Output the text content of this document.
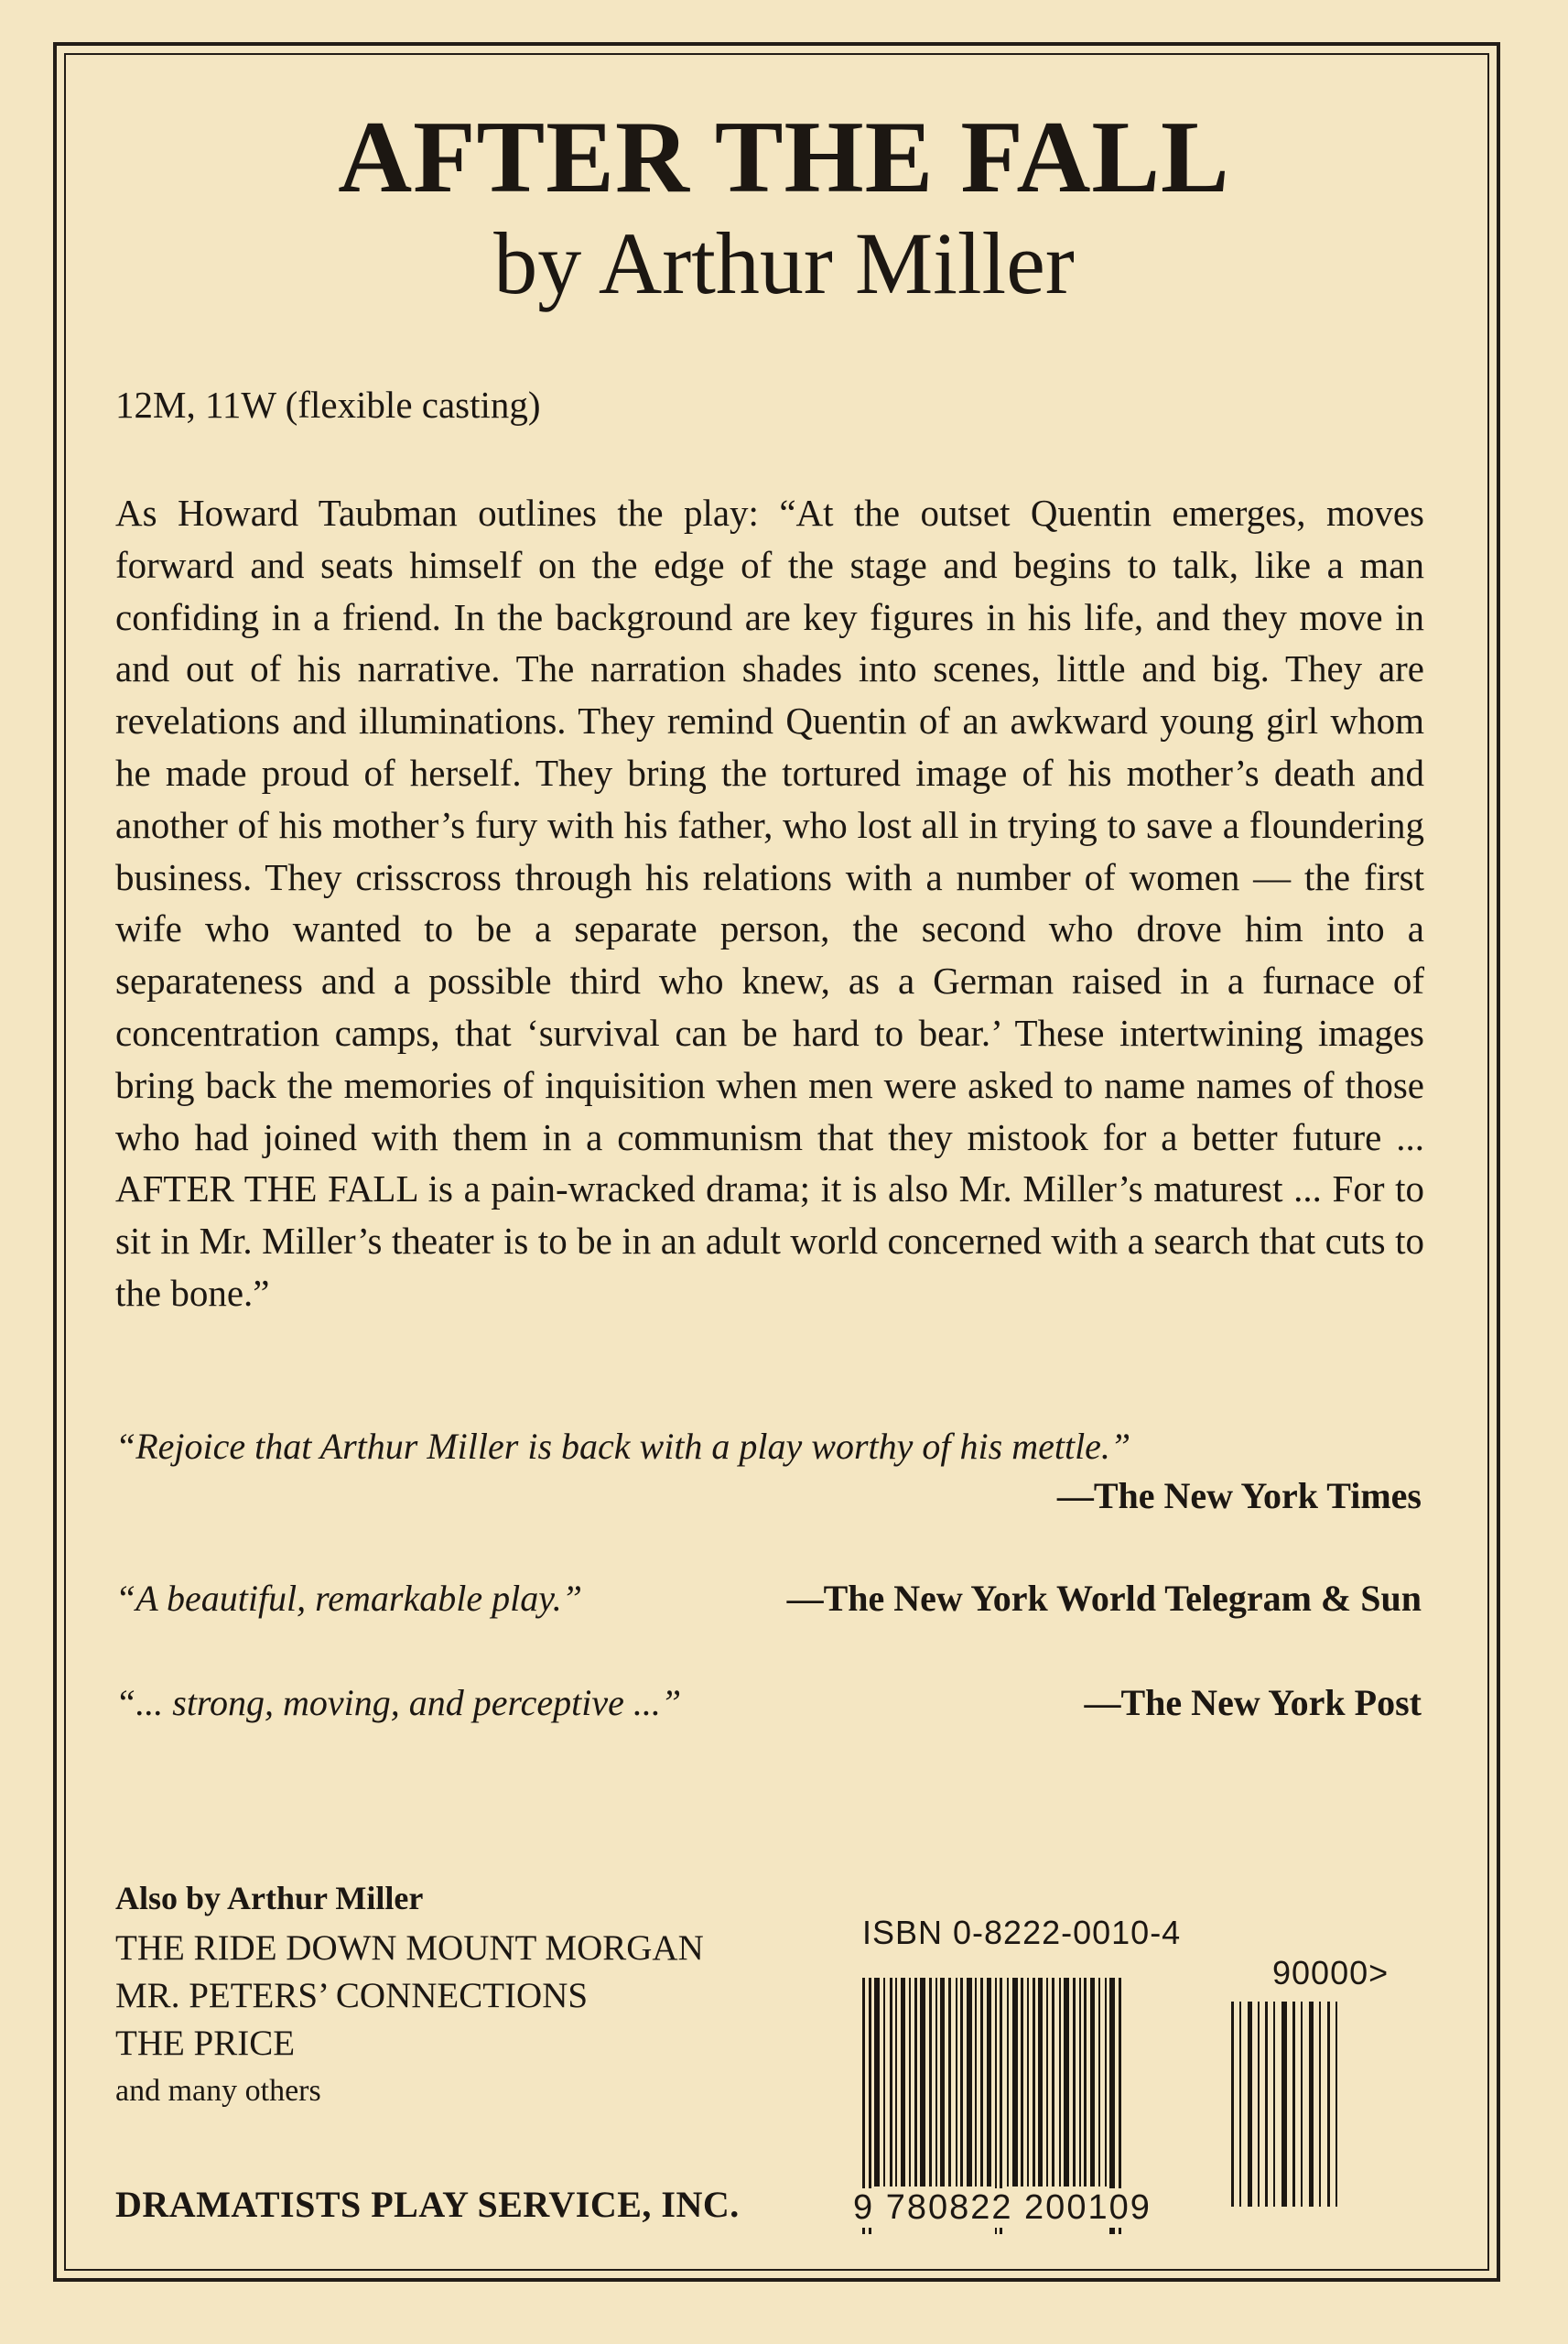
AFTER THE FALL
by Arthur Miller

12M, 11W (flexible casting)

As Howard Taubman outlines the play: “At the outset Quentin emerges, moves forward and seats himself on the edge of the stage and begins to talk, like a man confiding in a friend. In the background are key figures in his life, and they move in and out of his narrative. The narration shades into scenes, little and big. They are revelations and illuminations. They remind Quentin of an awkward young girl whom he made proud of herself. They bring the tortured image of his mother’s death and another of his mother’s fury with his father, who lost all in trying to save a floundering business. They crisscross through his relations with a number of women — the first wife who wanted to be a separate person, the second who drove him into a separateness and a possible third who knew, as a German raised in a furnace of concentration camps, that ‘survival can be hard to bear.’ These intertwining images bring back the memories of inquisition when men were asked to name names of those who had joined with them in a communism that they mistook for a better future ... AFTER THE FALL is a pain-wracked drama; it is also Mr. Miller’s maturest ... For to sit in Mr. Miller’s theater is to be in an adult world concerned with a search that cuts to the bone.”

“Rejoice that Arthur Miller is back with a play worthy of his mettle.”
—The New York Times
“A beautiful, remarkable play.”	—The New York World Telegram & Sun
“... strong, moving, and perceptive ...”	—The New York Post

Also by Arthur Miller

THE RIDE DOWN MOUNT MORGAN
MR. PETERS’ CONNECTIONS
THE PRICE
and many others

DRAMATISTS PLAY SERVICE, INC.

ISBN 0-8222-0010-4
90000>
9 780822 200109
